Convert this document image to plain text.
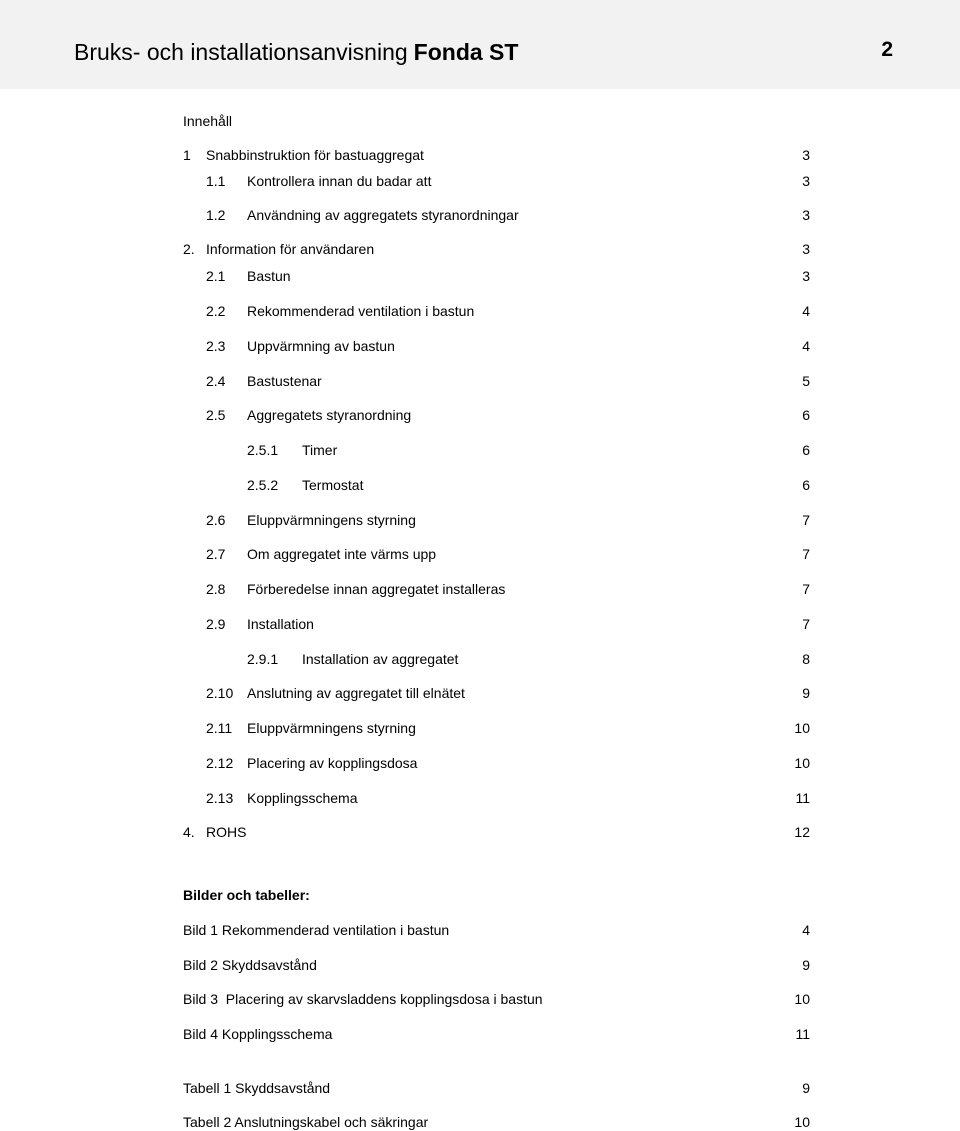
Bruks- och installationsanvisning Fonda ST	2
Innehåll
1 Snabbinstruktion för bastuaggregat	3
1.1 Kontrollera innan du badar att	3
1.2 Användning av aggregatets styranordningar	3
2. Information för användaren	3
2.1 Bastun	3
2.2 Rekommenderad ventilation i bastun	4
2.3 Uppvärmning av bastun	4
2.4 Bastustenar	5
2.5 Aggregatets styranordning	6
2.5.1 Timer	6
2.5.2 Termostat	6
2.6 Eluppvärmningens styrning	7
2.7 Om aggregatet inte värms upp	7
2.8 Förberedelse innan aggregatet installeras	7
2.9 Installation	7
2.9.1 Installation av aggregatet	8
2.10 Anslutning av aggregatet till elnätet	9
2.11 Eluppvärmningens styrning	10
2.12 Placering av kopplingsdosa	10
2.13 Kopplingsschema	11
4. ROHS	12
Bilder och tabeller:
Bild 1 Rekommenderad ventilation i bastun	4
Bild 2 Skyddsavstånd	9
Bild 3  Placering av skarvsladdens kopplingsdosa i bastun	10
Bild 4 Kopplingsschema	11
Tabell 1 Skyddsavstånd	9
Tabell 2 Anslutningskabel och säkringar	10
